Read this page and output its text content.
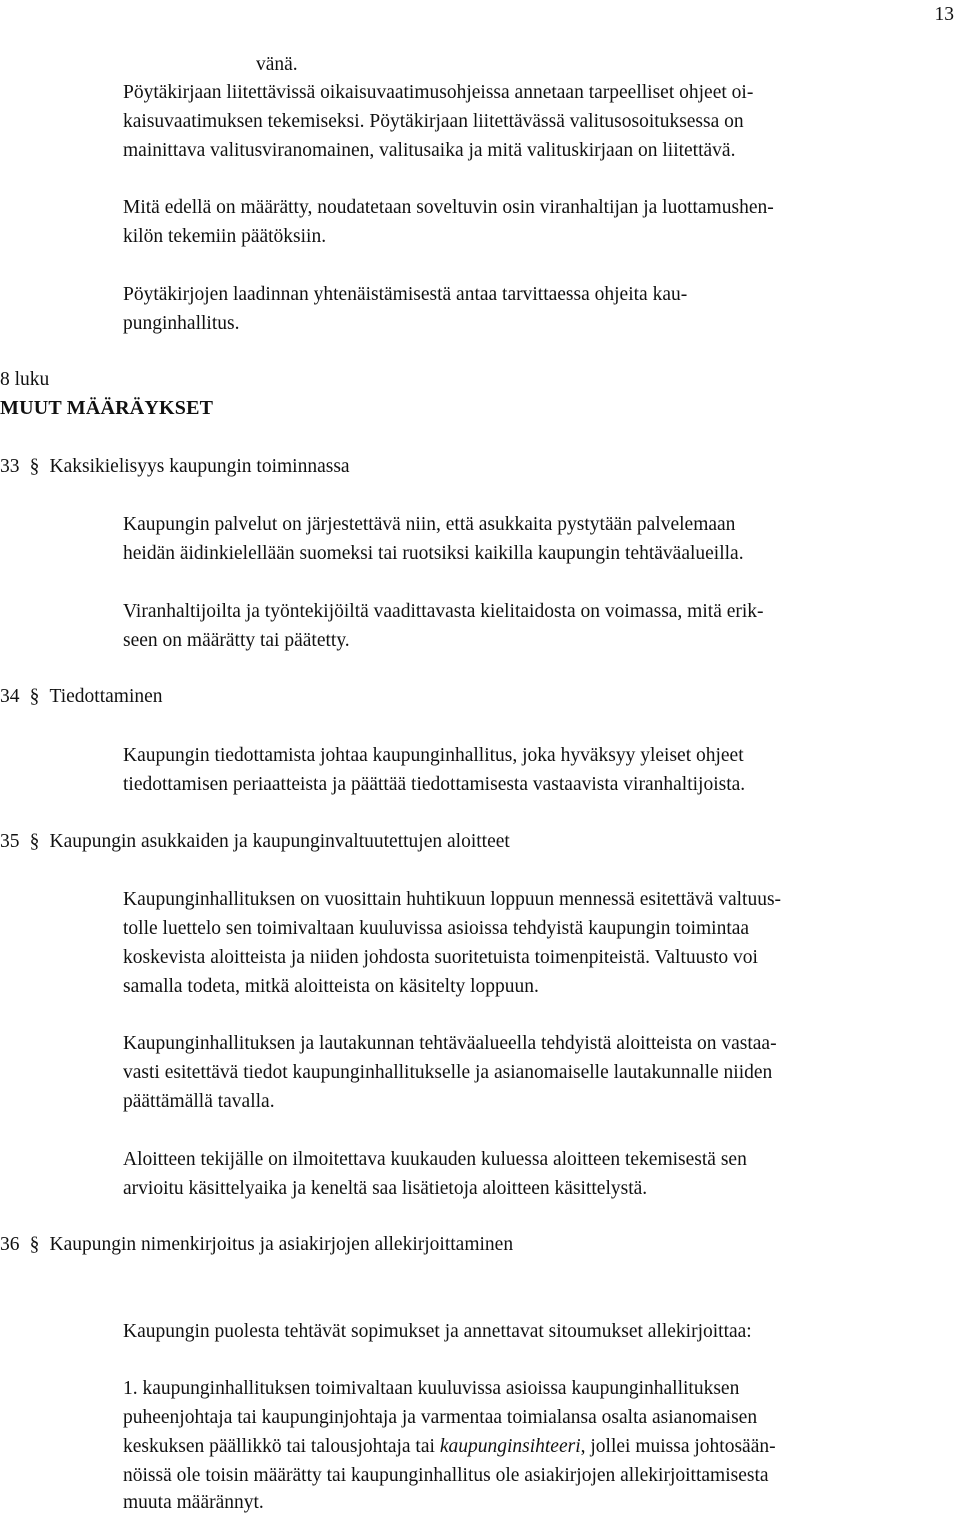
13
vänä.
Pöytäkirjaan liitettävissä oikaisuvaatimusohjeissa annetaan tarpeelliset ohjeet oi-
kaisuvaatimuksen tekemiseksi. Pöytäkirjaan liitettävässä valitusosoituksessa on
mainittava valitusviranomainen, valitusaika ja mitä valituskirjaan on liitettävä.
Mitä edellä on määrätty, noudatetaan soveltuvin osin viranhaltijan ja luottamushen-
kilön tekemiin päätöksiin.
Pöytäkirjojen laadinnan yhtenäistämisestä antaa tarvittaessa ohjeita kau-
punginhallitus.
8 luku
MUUT MÄÄRÄYKSET
33 § Kaksikielisyys kaupungin toiminnassa
Kaupungin palvelut on järjestettävä niin, että asukkaita pystytään palvelemaan
heidän äidinkielellään suomeksi tai ruotsiksi kaikilla kaupungin tehtäväalueilla.
Viranhaltijoilta ja työntekijöiltä vaadittavasta kielitaidosta on voimassa, mitä erik-
seen on määrätty tai päätetty.
34 § Tiedottaminen
Kaupungin tiedottamista johtaa kaupunginhallitus, joka hyväksyy yleiset ohjeet
tiedottamisen periaatteista ja päättää tiedottamisesta vastaavista viranhaltijoista.
35 § Kaupungin asukkaiden ja kaupunginvaltuutettujen aloitteet
Kaupunginhallituksen on vuosittain huhtikuun loppuun mennessä esitettävä valtuus-
tolle luettelo sen toimivaltaan kuuluvissa asioissa tehdyistä kaupungin toimintaa
koskevista aloitteista ja niiden johdosta suoritetuista toimenpiteistä. Valtuusto voi
samalla todeta, mitkä aloitteista on käsitelty loppuun.
Kaupunginhallituksen ja lautakunnan tehtäväalueella tehdyistä aloitteista on vastaa-
vasti esitettävä tiedot kaupunginhallitukselle ja asianomaiselle lautakunnalle niiden
päättämällä tavalla.
Aloitteen tekijälle on ilmoitettava kuukauden kuluessa aloitteen tekemisestä sen
arvioitu käsittelyaika ja keneltä saa lisätietoja aloitteen käsittelystä.
36 § Kaupungin nimenkirjoitus ja asiakirjojen allekirjoittaminen
Kaupungin puolesta tehtävät sopimukset ja annettavat sitoumukset allekirjoittaa:
1. kaupunginhallituksen toimivaltaan kuuluvissa asioissa kaupunginhallituksen
puheenjohtaja tai kaupunginjohtaja ja varmentaa toimialansa osalta asianomaisen
keskuksen päällikkö tai talousjohtaja tai kaupunginsihteeri, jollei muissa johtosään-
nöissä ole toisin määrätty tai kaupunginhallitus ole asiakirjojen allekirjoittamisesta
muuta määrännyt.
